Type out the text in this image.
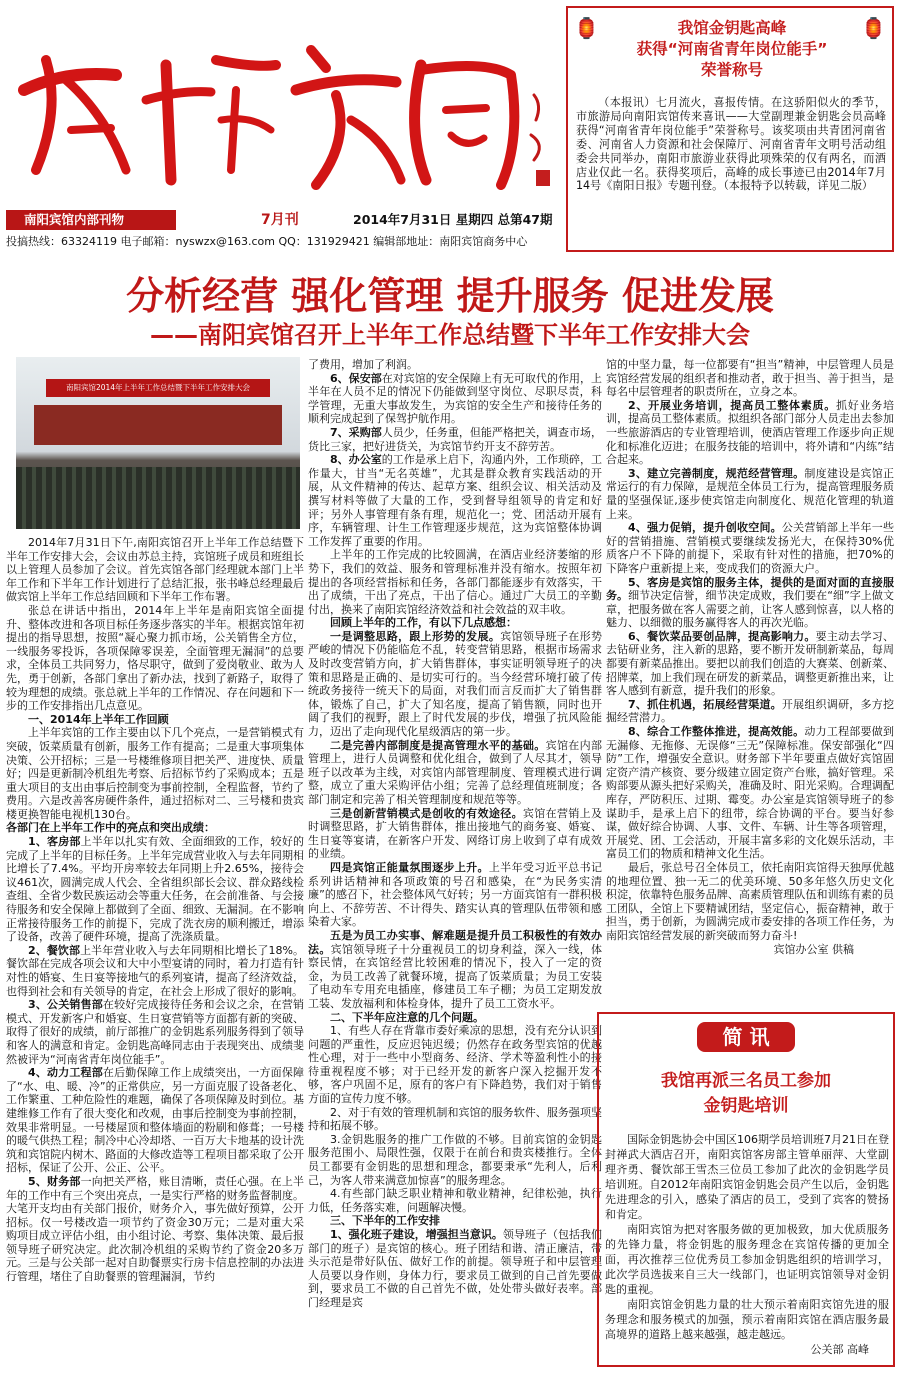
南阳宾馆内部刊物	7月刊	2014年7月31日 星期四 总第47期
投搞热线：63324119 电子邮箱：nyswzx@163.com QQ：131929421 编辑部地址：南阳宾馆商务中心
🏮	🏮
我馆金钥匙高峰
获得“河南省青年岗位能手”
荣誉称号
（本报讯）七月流火，喜报传情。在这骄阳似火的季节，市旅游局向南阳宾馆传来喜讯——大堂副理兼金钥匙会员高峰获得“河南省青年岗位能手”荣誉称号。该奖项由共青团河南省委、河南省人力资源和社会保障厅、河南省青年文明号活动组委会共同举办，南阳市旅游业获得此项殊荣的仅有两名，而酒店业仅此一名。获得奖项后，高峰的成长事迹已由2014年7月14号《南阳日报》专题刊登。（本报特予以转载，详见二版）
分析经营 强化管理 提升服务 促进发展
——南阳宾馆召开上半年工作总结暨下半年工作安排大会
南阳宾馆2014年上半年工作总结暨下半年工作安排大会

2014年7月31日下午,南阳宾馆召开上半年工作总结暨下半年工作安排大会，会议由苏总主持，宾馆班子成员和班组长以上管理人员参加了会议。首先宾馆各部门经理就本部门上半年工作和下半年工作计划进行了总结汇报，张书峰总经理最后做宾馆上半年工作总结回顾和下半年工作布署。

张总在讲话中指出，2014年上半年是南阳宾馆全面提升、整体改进和各项目标任务逐步落实的半年。根据宾馆年初提出的指导思想，按照“凝心聚力抓市场，公关销售全方位，一线服务零投诉，各项保障零误差，全面管理无漏洞”的总要求，全体员工共同努力，恪尽职守，做到了爱岗敬业、敢为人先，勇于创新，各部门拿出了新办法，找到了新路子，取得了较为理想的成绩。张总就上半年的工作情况、存在问题和下一步的工作安排指出几点意见。

一、2014年上半年工作回顾

上半年宾馆的工作主要由以下几个亮点，一是营销模式有突破，饭菜质量有创新，服务工作有提高；二是重大事项集体决策、公开招标；三是一号楼维修项目把关严、进度快、质量好；四是更新制冷机组先考察、后招标节约了采购成本；五是重大项目的支出由事后控制变为事前控制，全程监督，节约了费用。六是改善客房硬件条件，通过招标对二、三号楼和贵宾楼更换智能电视机130台。

各部门在上半年工作中的亮点和突出成绩：

1、客房部上半年以扎实有效、全面细致的工作，较好的完成了上半年的目标任务。上半年完成营业收入与去年同期相比增长了7.4%。平均开房率较去年同期上升2.65%，接待会议461次，圆满完成人代会、全省组织部长会议、群众路线检查组、全省少数民族运动会等重大任务，在会前准备、与会接待服务和安全保障上都做到了全面、细致、无漏洞。在不影响正常接待服务工作的前提下，完成了洗衣房的顺利搬迁，增添了设备，改善了硬件环境，提高了洗涤质量。

2、餐饮部上半年营业收入与去年同期相比增长了18%。餐饮部在完成各项会议和大中小型宴请的同时，着力打造有针对性的婚宴、生日宴等接地气的系列宴请，提高了经济效益，也得到社会和有关领导的肯定，在社会上形成了很好的影响。

3、公关销售部在较好完成接待任务和会议之余，在营销模式、开发新客户和婚宴、生日宴营销等方面都有新的突破、取得了很好的成绩，前厅部推广的金钥匙系列服务得到了领导和客人的满意和肯定。金钥匙高峰同志由于表现突出、成绩斐然被评为“河南省青年岗位能手”。

4、动力工程部在后勤保障工作上成绩突出，一方面保障了“水、电、暖、冷”的正常供应，另一方面克服了设备老化、工作繁重、工种危险性的难题，确保了各项保障及时到位。基建维修工作有了很大变化和改观，由事后控制变为事前控制，效果非常明显。一号楼屋顶和整体墙面的粉刷和修葺；一号楼的暖气供热工程；制冷中心冷却塔、一百万大卡地基的设计洗筑和宾馆院内树木、路面的大修改造等工程项目都采取了公开招标，保证了公开、公正、公平。

5、财务部一向把关严格，账目清晰，责任心强。在上半年的工作中有三个突出亮点，一是实行严格的财务监督制度。大笔开支均由有关部门报价，财务介入，事先做好预算，公开招标。仅一号楼改造一项节约了资金30万元；二是对重大采购项目成立评估小组，由小组讨论、考察、集体决策、最后报领导班子研究决定。此次制冷机组的采购节约了资金20多万元。三是与公关部一起对自助餐票实行房卡信息控制的办法进行管理，堵住了自助餐票的管理漏洞，节约

了费用，增加了利润。

6、保安部在对宾馆的安全保障上有无可取代的作用，上半年在人员不足的情况下仍能做到坚守岗位、尽职尽责，科学管理，无重大事故发生，为宾馆的安全生产和接待任务的顺利完成起到了保驾护航作用。

7、采购部人员少，任务重，但能严格把关，调查市场，货比三家，把好进货关，为宾馆节约开支不辞劳苦。

8、办公室的工作是承上启下，沟通内外，工作琐碎，工作量大，甘当“无名英雄”，尤其是群众教育实践活动的开展，从文件精神的传达、起草方案、组织会议、相关活动及撰写材料等做了大量的工作，受到督导组领导的肯定和好评；另外人事管理有条有理，规范化一；党、团活动开展有序，车辆管理、计生工作管理逐步规范，这为宾馆整体协调工作发挥了重要的作用。

上半年的工作完成的比较圆满，在酒店业经济萎缩的形势下，我们的效益、服务和管理标准并没有缩水。按照年初提出的各项经营指标和任务，各部门都能逐步有效落实，干出了成绩，干出了亮点，干出了信心。通过广大员工的辛勤付出，换来了南阳宾馆经济效益和社会效益的双丰收。

回顾上半年的工作，有以下几点感想：

一是调整思路，跟上形势的发展。宾馆领导班子在形势严峻的情况下仍能临危不乱，转变营销思路，根据市场需求及时改变营销方向，扩大销售群体，事实证明领导班子的决策和思路是正确的、是切实可行的。当今经营环境打破了传统政务接待一统天下的局面，对我们而言反而扩大了销售群体，锻炼了自己，扩大了知名度，提高了销售额，同时也开阔了我们的视野，跟上了时代发展的步伐，增强了抗风险能力，迈出了走向现代化星级酒店的第一步。

二是完善内部制度是提高管理水平的基础。宾馆在内部管理上，进行人员调整和优化组合，做到了人尽其才，领导班子以改革为主线，对宾馆内部管理制度、管理模式进行调整，成立了重大采购评估小组；完善了总经理值班制度；各部门制定和完善了相关管理制度和规范等等。

三是创新营销模式是创收的有效途径。宾馆在营销上及时调整思路，扩大销售群体，推出接地气的商务宴、婚宴、生日宴等宴请，在新客户开发、网络订房上收到了卓有成效的业绩。

四是宾馆正能量氛围逐步上升。上半年受习近平总书记系列讲话精神和各项政策的号召和感染，在“为民务实清廉”的感召下，社会整体风气好转；另一方面宾馆有一群积极向上、不辞劳苦、不计得失、踏实认真的管理队伍带领和感染着大家。

五是为员工办实事、解难题是提升员工积极性的有效办法。宾馆领导班子十分重视员工的切身利益，深入一线，体察民情，在宾馆经营比较困难的情况下，投入了一定的资金，为员工改善了就餐环境，提高了饭菜质量；为员工安装了电动车专用充电插座，修建员工车子棚；为员工定期发放工装、发放福利和体检身体，提升了员工工资水平。

二、下半年应注意的几个问题。

1、有些人存在背靠市委好乘凉的思想，没有充分认识到问题的严重性，反应迟钝迟缓；仍然存在政务型宾馆的优越性心理，对于一些中小型商务、经济、学术等盈利性小的接待重视程度不够；对于已经开发的新客户深入挖掘开发不够，客户巩固不足，原有的客户有下降趋势，我们对于销售方面的宣传力度不够。

2、对于有效的管理机制和宾馆的服务软件、服务强项坚持和拓展不够。

3.金钥匙服务的推广工作做的不够。目前宾馆的金钥匙服务范围小、局限性强，仅限于在前台和贵宾楼推行。全体员工都要有金钥匙的思想和理念，都要秉承“先利人，后利己，为客人带来满意加惊喜”的服务理念。

4.有些部门缺乏职业精神和敬业精神，纪律松弛，执行力低，任务落实难，问题解决慢。

三、下半年的工作安排

1、强化班子建设，增强担当意识。领导班子（包括我们部门的班子）是宾馆的核心。班子团结和谐、清正廉洁，带头示范是带好队伍、做好工作的前提。领导班子和中层管理人员要以身作则，身体力行，要求员工做到的自己首先要做到，要求员工不做的自己首先不做，处处带头做好表率。部门经理是宾

馆的中坚力量，每一位都要有“担当”精神，中层管理人员是宾馆经营发展的组织者和推动者，敢于担当、善于担当，是每名中层管理者的职责所在，立身之本。

2、开展业务培训，提高员工整体素质。抓好业务培训，提高员工整体素质。拟组织各部门部分人员走出去参加一些旅游酒店的专业管理培训，使酒店管理工作逐步向正规化和标准化迈进；在服务技能的培训中，将外请和“内练”结合起来。

3、建立完善制度，规范经营管理。制度建设是宾馆正常运行的有力保障，是规范全体员工行为，提高管理服务质量的坚强保证,逐步使宾馆走向制度化、规范化管理的轨道上来。

4、强力促销，提升创收空间。公关营销部上半年一些好的营销措施、营销模式要继续发扬光大，在保持30%优质客户不下降的前提下，采取有针对性的措施，把70%的下降客户重新提上来，变成我们的资源大户。

5、客房是宾馆的服务主体，提供的是面对面的直接服务。细节决定信誉，细节决定成败，我们要在“细”字上做文章，把服务做在客人需要之前，让客人感到惊喜，以人格的魅力、以细微的服务赢得客人的再次光临。

6、餐饮菜品要创品牌，提高影响力。要主动去学习、去钻研业务，注入新的思路，要不断开发研制新菜品，每周都要有新菜品推出。要把以前我们创造的大赛菜、创新菜、招牌菜，加上我们现在研发的新菜品，调整更新推出来，让客人感到有新意，提升我们的形象。

7、抓住机遇，拓展经营渠道。开展组织调研，多方挖掘经营潜力。

8、综合工作整体推进，提高效能。动力工程部要做到无漏修、无拖修、无误修“三无”保障标准。保安部强化“四防”工作，增强安全意识。财务部下半年要重点做好宾馆固定资产清产核资、要分级建立固定资产台账，搞好管理。采购部要从源头把好采购关，准确及时、阳光采购。合理调配库存，严防积压、过期、霉变。办公室是宾馆领导班子的参谋助手，是承上启下的纽带，综合协调的平台。要当好参谋，做好综合协调、人事、文件、车辆、计生等各项管理，开展党、团、工会活动，开展丰富多彩的文化娱乐活动，丰富员工们的物质和精神文化生活。

最后，张总号召全体员工，依托南阳宾馆得天独厚优越的地理位置、独一无二的优美环境、50多年悠久历史文化积淀，依靠特色服务品牌、高素质管理队伍和训练有素的员工团队，全馆上下要精诚团结，坚定信心，振奋精神，敢于担当，勇于创新，为圆满完成市委安排的各项工作任务，为南阳宾馆经营发展的新突破而努力奋斗!

宾馆办公室 供稿

简 讯
我馆再派三名员工参加
金钥匙培训

国际金钥匙协会中国区106期学员培训班7月21日在登封禅武大酒店召开，南阳宾馆客房部主管单丽萍、大堂副理齐勇、餐饮部王雪杰三位员工参加了此次的金钥匙学员培训班。自2012年南阳宾馆金钥匙会员产生以后，金钥匙先进理念的引入，感染了酒店的员工，受到了宾客的赞扬和肯定。

南阳宾馆为把对客服务做的更加极致，加大优质服务的先锋力量，将金钥匙的服务理念在宾馆传播的更加全面，再次推荐三位优秀员工参加金钥匙组织的培训学习，此次学员选拔来自三大一线部门，也证明宾馆领导对金钥匙的重视。

南阳宾馆金钥匙力量的壮大预示着南阳宾馆先进的服务理念和服务模式的加强，预示着南阳宾馆在酒店服务最高境界的道路上越来越强，越走越远。

公关部 高峰
